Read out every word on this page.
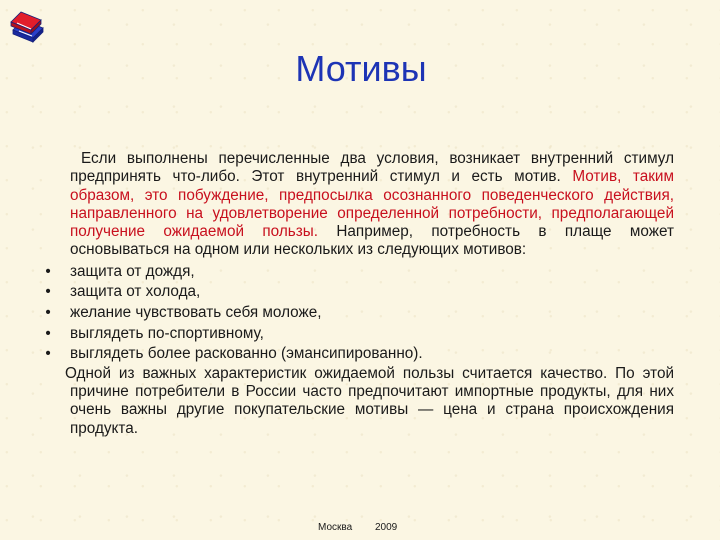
Мотивы

Если выполнены перечисленные два условия, возникает внутренний стимул предпринять что-либо. Этот внутренний стимул и есть мотив. Мотив, таким образом, это побуждение, предпосылка осознанного поведенческого действия, направленного на удовлетворение определенной потребности, предполагающей получение ожидаемой пользы. Например, потребность в плаще может основываться на одном или нескольких из следующих мотивов:

• защита от дождя,
• защита от холода,
• желание чувствовать себя моложе,
• выглядеть по-спортивному,
• выглядеть более раскованно (эмансипированно).

Одной из важных характеристик ожидаемой пользы считается качество. По этой причине потребители в России часто предпочитают импортные продукты, для них очень важны другие покупательские мотивы — цена и страна происхождения продукта.

Москва 2009
